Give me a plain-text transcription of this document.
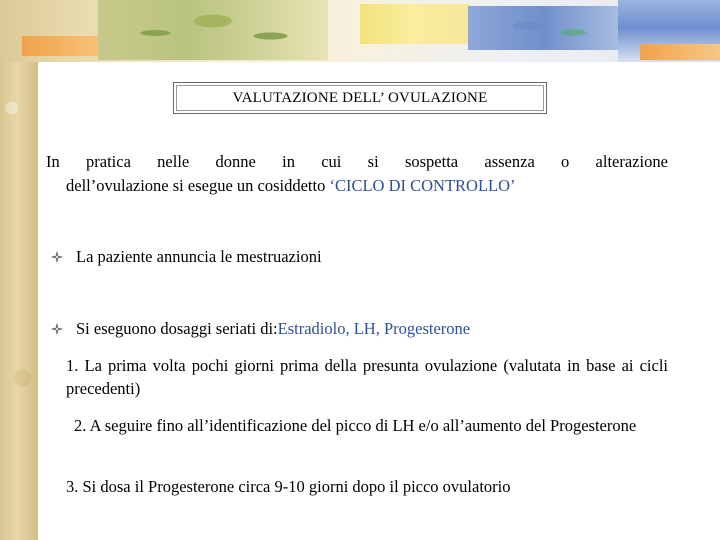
VALUTAZIONE DELL’ OVULAZIONE
In pratica nelle donne in cui si sospetta assenza o alterazione
dell’ovulazione si esegue un cosiddetto ‘CICLO DI CONTROLLO’
La paziente annuncia le mestruazioni
Si eseguono dosaggi seriati di: Estradiolo, LH, Progesterone
1. La prima volta pochi giorni prima della presunta ovulazione (valutata in base ai cicli precedenti)
2. A seguire fino all’identificazione del picco di LH e/o all’aumento del Progesterone
3. Si dosa il Progesterone circa 9-10 giorni dopo il picco ovulatorio
